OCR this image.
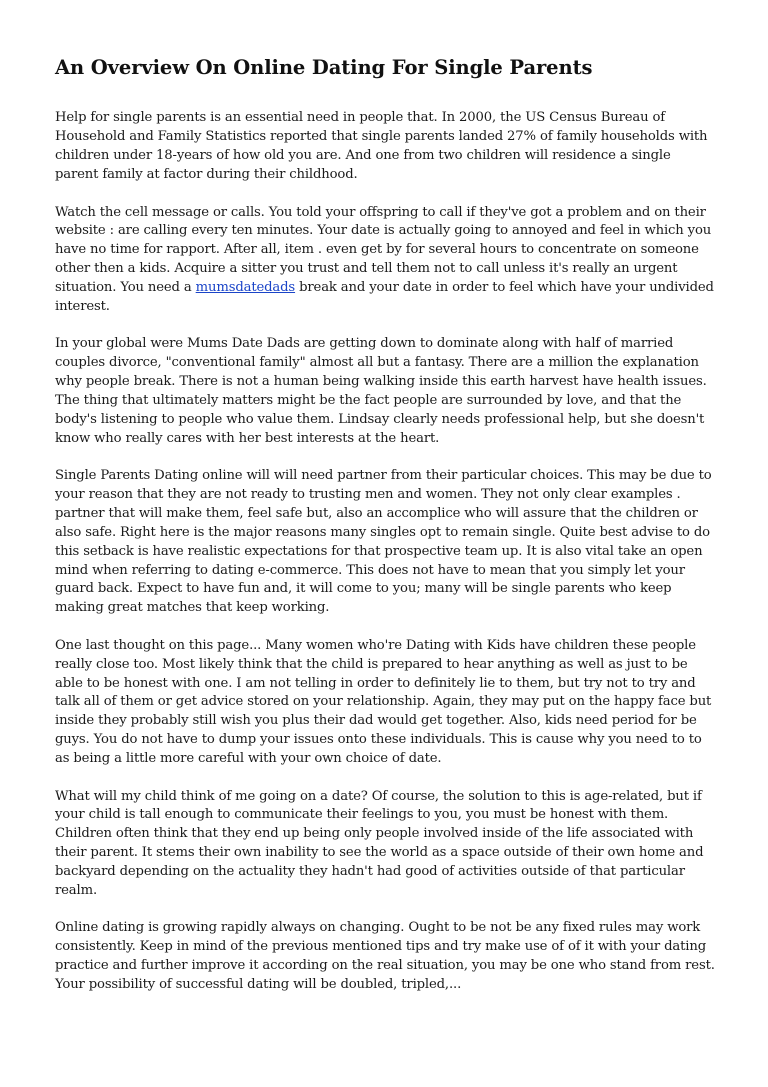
An Overview On Online Dating For Single Parents

Help for single parents is an essential need in people that. In 2000, the US Census Bureau of Household and Family Statistics reported that single parents landed 27% of family households with children under 18-years of how old you are. And one from two children will residence a single parent family at factor during their childhood.

Watch the cell message or calls. You told your offspring to call if they've got a problem and on their website : are calling every ten minutes. Your date is actually going to annoyed and feel in which you have no time for rapport. After all, item . even get by for several hours to concentrate on someone other then a kids. Acquire a sitter you trust and tell them not to call unless it's really an urgent situation. You need a mumsdatedads break and your date in order to feel which have your undivided interest.

In your global were Mums Date Dads are getting down to dominate along with half of married couples divorce, "conventional family" almost all but a fantasy. There are a million the explanation why people break. There is not a human being walking inside this earth harvest have health issues. The thing that ultimately matters might be the fact people are surrounded by love, and that the body's listening to people who value them. Lindsay clearly needs professional help, but she doesn't know who really cares with her best interests at the heart.

Single Parents Dating online will will need partner from their particular choices. This may be due to your reason that they are not ready to trusting men and women. They not only clear examples . partner that will make them, feel safe but, also an accomplice who will assure that the children or also safe. Right here is the major reasons many singles opt to remain single. Quite best advise to do this setback is have realistic expectations for that prospective team up. It is also vital take an open mind when referring to dating e-commerce. This does not have to mean that you simply let your guard back. Expect to have fun and, it will come to you; many will be single parents who keep making great matches that keep working.

One last thought on this page... Many women who're Dating with Kids have children these people really close too. Most likely think that the child is prepared to hear anything as well as just to be able to be honest with one. I am not telling in order to definitely lie to them, but try not to try and talk all of them or get advice stored on your relationship. Again, they may put on the happy face but inside they probably still wish you plus their dad would get together. Also, kids need period for be guys. You do not have to dump your issues onto these individuals. This is cause why you need to to as being a little more careful with your own choice of date.

What will my child think of me going on a date? Of course, the solution to this is age-related, but if your child is tall enough to communicate their feelings to you, you must be honest with them. Children often think that they end up being only people involved inside of the life associated with their parent. It stems their own inability to see the world as a space outside of their own home and backyard depending on the actuality they hadn't had good of activities outside of that particular realm.

Online dating is growing rapidly always on changing. Ought to be not be any fixed rules may work consistently. Keep in mind of the previous mentioned tips and try make use of of it with your dating practice and further improve it according on the real situation, you may be one who stand from rest. Your possibility of successful dating will be doubled, tripled,...
